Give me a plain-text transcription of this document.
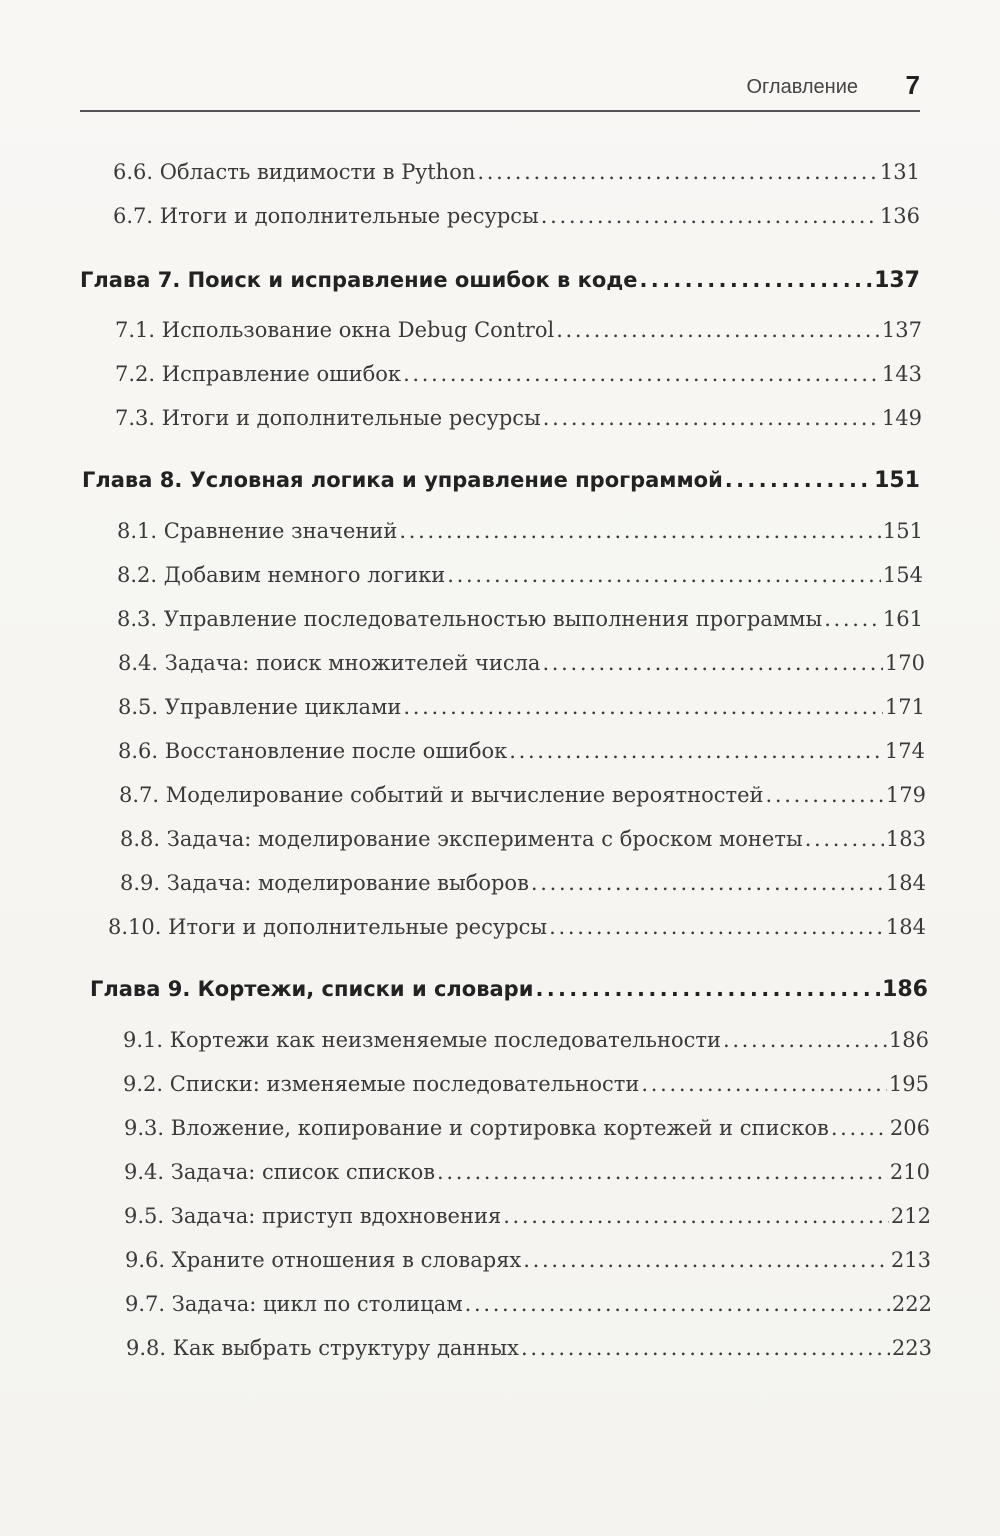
Оглавление 7
6.6. Область видимости в Python . . .	131
6.7. Итоги и дополнительные ресурсы . . .	136
Глава 7. Поиск и исправление ошибок в коде . . .	137
7.1. Использование окна Debug Control . . .	137
7.2. Исправление ошибок . . .	143
7.3. Итоги и дополнительные ресурсы . . .	149
Глава 8. Условная логика и управление программой . . .	151
8.1. Сравнение значений . . .	151
8.2. Добавим немного логики . . .	154
8.3. Управление последовательностью выполнения программы . . .	161
8.4. Задача: поиск множителей числа . . .	170
8.5. Управление циклами . . .	171
8.6. Восстановление после ошибок . . .	174
8.7. Моделирование событий и вычисление вероятностей . . .	179
8.8. Задача: моделирование эксперимента с броском монеты . . .	183
8.9. Задача: моделирование выборов . . .	184
8.10. Итоги и дополнительные ресурсы . . .	184
Глава 9. Кортежи, списки и словари . . .	186
9.1. Кортежи как неизменяемые последовательности . . .	186
9.2. Списки: изменяемые последовательности . . .	195
9.3. Вложение, копирование и сортировка кортежей и списков . . .	206
9.4. Задача: список списков . . .	210
9.5. Задача: приступ вдохновения . . .	212
9.6. Храните отношения в словарях . . .	213
9.7. Задача: цикл по столицам . . .	222
9.8. Как выбрать структуру данных . . .	223
